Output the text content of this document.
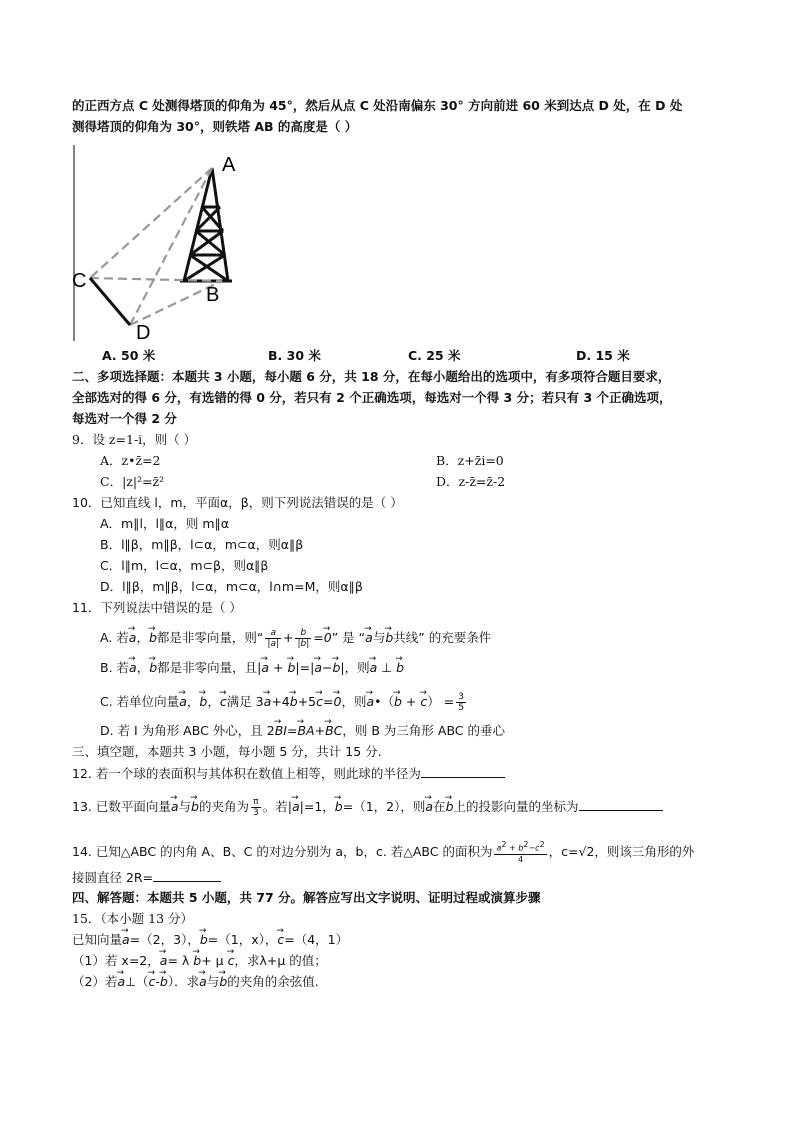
的正西方点 C 处测得塔顶的仰角为 45°，然后从点 C 处沿南偏东 30° 方向前进 60 米到达点 D 处，在 D 处
测得塔顶的仰角为 30°，则铁塔 AB 的高度是（ ）
A
B
C
D
A. 50 米	B. 30 米	C. 25 米	D. 15 米
二、多项选择题：本题共 3 小题，每小题 6 分，共 18 分，在每小题给出的选项中，有多项符合题目要求，
全部选对的得 6 分，有选错的得 0 分，若只有 2 个正确选项，每选对一个得 3 分；若只有 3 个正确选项，
每选对一个得 2 分
9．设 z=1-i，则（ ）
A．z•z̄=2	B．z+z̄i=0
C．|z|²=z̄²	D．z-z̄=z̄-2
10．已知直线 l，m，平面α，β，则下列说法错误的是（ ）
A．m∥l，l∥α，则 m∥α
B．l∥β，m∥β，l⊂α，m⊂α，则α∥β
C．l∥m，l⊂α，m⊂β，则α∥β
D．l∥β，m∥β，l⊂α，m⊂α，l∩m=M，则α∥β
11．下列说法中错误的是（ ）
A. 若→ a，→ b都是非零向量，则“ $\frac{a}{|a|} + \frac{b}{|b|} =\to 0$” 是 “→ a与→ b共线” 的充要条件
B. 若→ a，→ b都是非零向量，且|→ a + → b|=|→ a−→ b|，则→ a ⊥ → b
C. 若单位向量→ a，→ b，→ c满足 3→ a+4→ b+5→ c=→ 0，则→ a•（→ b + → $c) = \frac{3}{5}$
D. 若 I 为角形 ABC 外心，且 2→ BI=→ BA+→ BC，则 B 为三角形 ABC 的垂心
三、填空题，本题共 3 小题，每小题 5 分，共计 15 分.
12. 若一个球的表面积与其体积在数值上相等，则此球的半径为
13. 已数平面向量→ a与→ b的夹角为 $\frac{\pi}{3}$ 。若|→ a|=1，→ b=（1，2），则→ a在→ b上的投影向量的坐标为
14. 已知△ABC 的内角 A、B、C 的对边分别为 a，b，c. 若△ABC 的面积为 $\frac{a^2 + b^2-c^2}{4}$ ，c=√2，则该三角形的外
接圆直径 2R=
四、解答题：本题共 5 小题，共 77 分。解答应写出文字说明、证明过程或演算步骤
15．（本小题 13 分）
已知向量→ a=（2，3），→ b=（1，x），→ c=（4，1）
（1）若 x=2，→ a= λ → b+ μ → c，求λ+μ 的值；
（2）若→ a⊥（→ c-→ b）．求→ a与→ b的夹角的余弦值.
